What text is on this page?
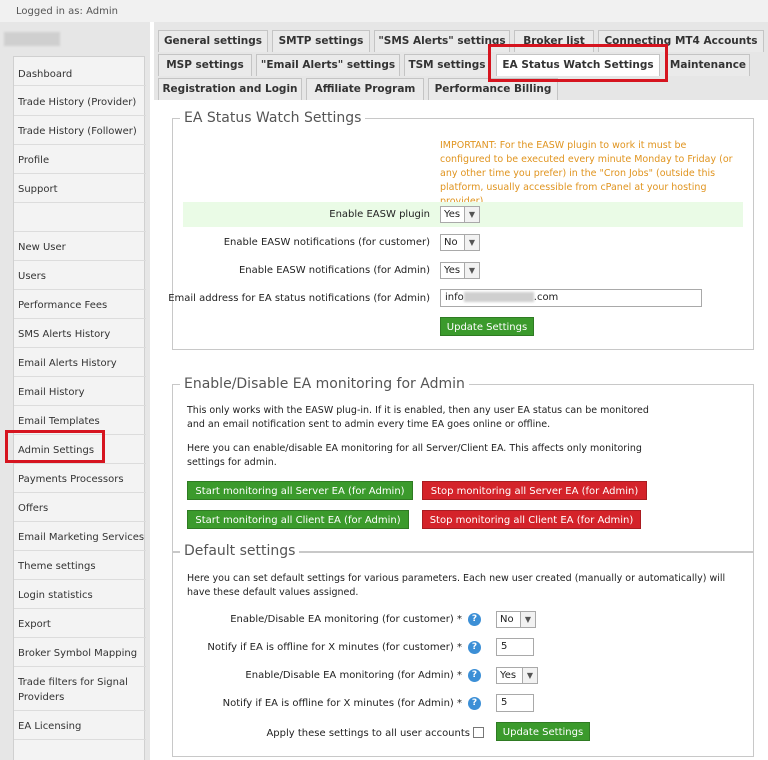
Logged in as: Admin
Dashboard
Trade History (Provider)
Trade History (Follower)
Profile
Support
New User
Users
Performance Fees
SMS Alerts History
Email Alerts History
Email History
Email Templates
Admin Settings
Payments Processors
Offers
Email Marketing Services
Theme settings
Login statistics
Export
Broker Symbol Mapping
Trade filters for Signal Providers
EA Licensing
General settings	SMTP settings	"SMS Alerts" settings	Broker list	Connecting MT4 Accounts
MSP settings	"Email Alerts" settings	TSM settings	EA Status Watch Settings	Maintenance
Registration and Login	Affiliate Program	Performance Billing
EA Status Watch Settings
IMPORTANT: For the EASW plugin to work it must be configured to be executed every minute Monday to Friday (or any other time you prefer) in the "Cron Jobs" (outside this platform, usually accessible from cPanel at your hosting
Enable EASW plugin Yes	▼
Enable EASW notifications (for customer) No	▼
Enable EASW notifications (for Admin) Yes	▼
Email address for EA status notifications (for Admin)	info	.com
Update Settings
Enable/Disable EA monitoring for Admin
This only works with the EASW plug-in. If it is enabled, then any user EA status can be monitored and an email notification sent to admin every time EA goes online or offline.
Here you can enable/disable EA monitoring for all Server/Client EA. This affects only monitoring settings for admin.
Start monitoring all Server EA (for Admin)	Stop monitoring all Server EA (for Admin)
Start monitoring all Client EA (for Admin)	Stop monitoring all Client EA (for Admin)
Default settings
Here you can set default settings for various parameters. Each new user created (manually or automatically) will have these default values assigned.
Enable/Disable EA monitoring (for customer) *	?	No	▼
Notify if EA is offline for X minutes (for customer) *	?	5
Enable/Disable EA monitoring (for Admin) *	?	Yes	▼
Notify if EA is offline for X minutes (for Admin) *	?	5
Apply these settings to all user accounts	Update Settings
